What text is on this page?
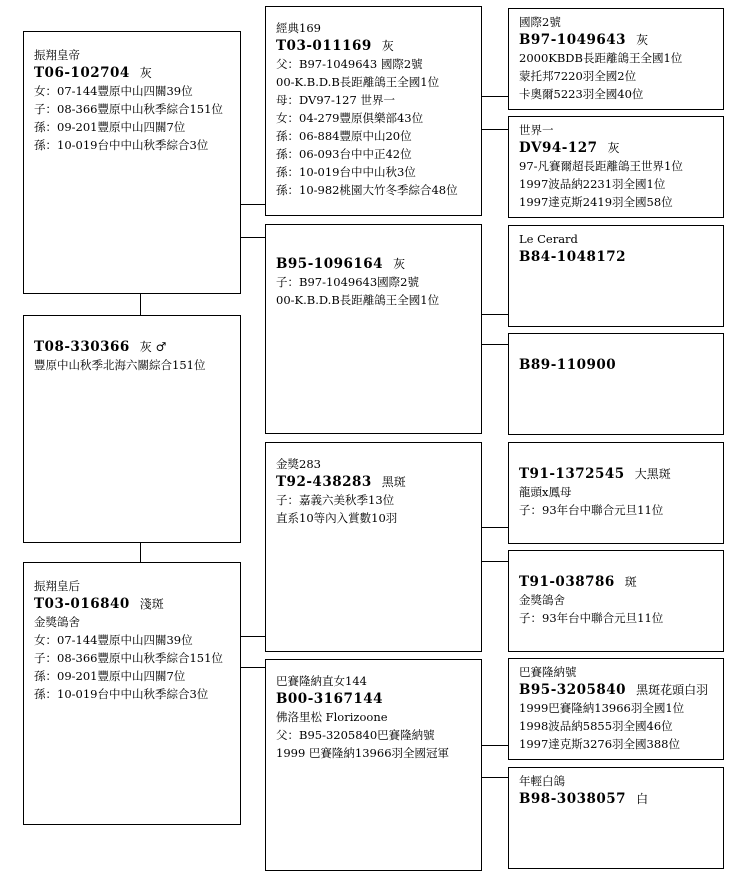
振翔皇帝
T06-102704 灰
女：07-144豐原中山四關39位
子：08-366豐原中山秋季綜合151位
孫：09-201豐原中山四關7位
孫：10-019台中中山秋季綜合3位
T08-330366 灰 ♂
豐原中山秋季北海六關綜合151位
振翔皇后
T03-016840 淺斑
金獎鴿舍
女：07-144豐原中山四關39位
子：08-366豐原中山秋季綜合151位
孫：09-201豐原中山四關7位
孫：10-019台中中山秋季綜合3位
經典169
T03-011169 灰
父：B97-1049643 國際2號
00-K.B.D.B長距離鴿王全國1位
母：DV97-127 世界一
女：04-279豐原俱樂部43位
孫：06-884豐原中山20位
孫：06-093台中中正42位
孫：10-019台中中山秋3位
孫：10-982桃園大竹冬季綜合48位
B95-1096164 灰
子：B97-1049643國際2號
00-K.B.D.B長距離鴿王全國1位
金獎283
T92-438283 黑斑
子：嘉義六美秋季13位
直系10等內入賞數10羽
巴賽隆納直女144
B00-3167144
佛洛里松 Florizoone
父：B95-3205840巴賽隆納號
1999 巴賽隆納13966羽全國冠軍
國際2號
B97-1049643 灰
2000KBDB長距離鴿王全國1位
蒙托邦7220羽全國2位
卡奧爾5223羽全國40位
世界一
DV94-127 灰
97-凡賽爾超長距離鴿王世界1位
1997波品納2231羽全國1位
1997達克斯2419羽全國58位
Le Cerard
B84-1048172
B89-110900
T91-1372545 大黑斑
龍頭x鳳母
子：93年台中聯合元旦11位
T91-038786 斑
金獎鴿舍
子：93年台中聯合元旦11位
巴賽隆納號
B95-3205840 黑斑花頭白羽
1999巴賽隆納13966羽全國1位
1998波品納5855羽全國46位
1997達克斯3276羽全國388位
年輕白鴿
B98-3038057 白
